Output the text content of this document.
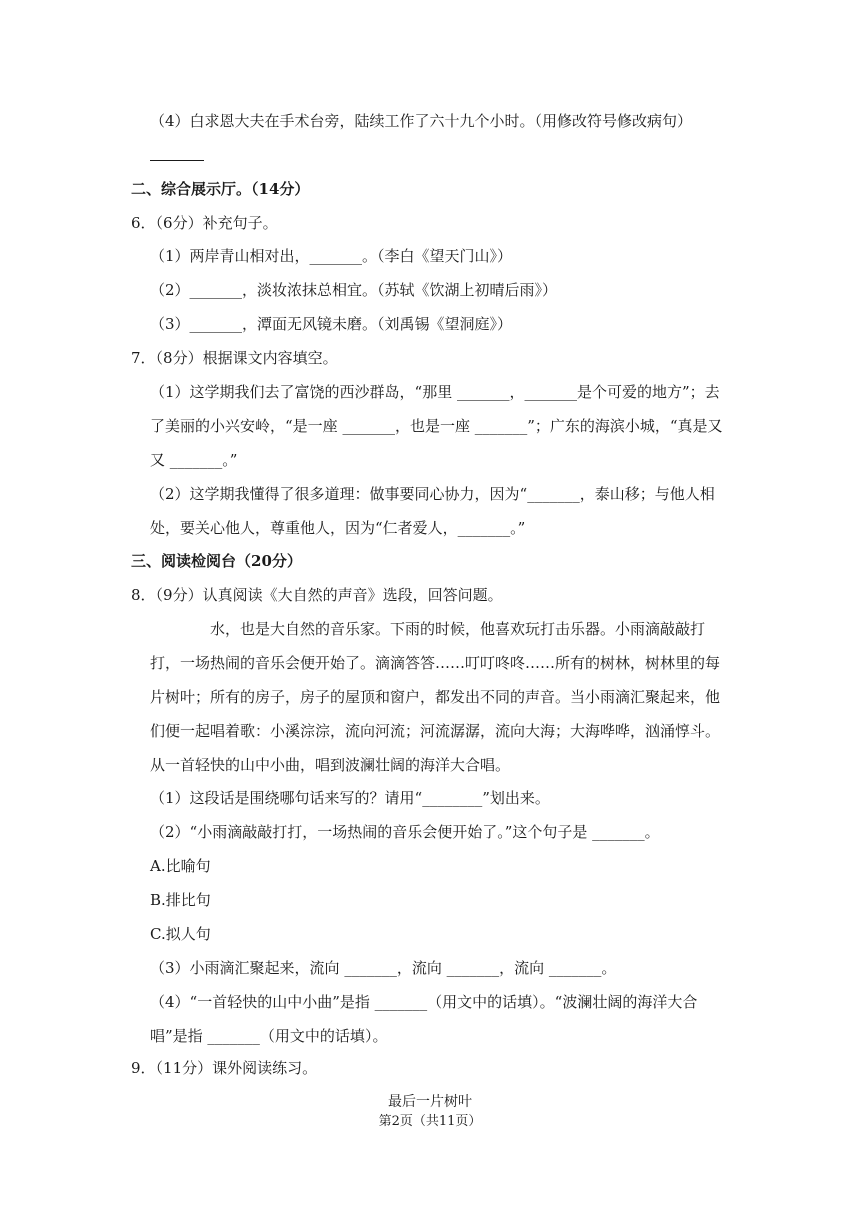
（4）白求恩大夫在手术台旁，陆续工作了六十九个小时。（用修改符号修改病句）
二、综合展示厅。（14分）
6．（6分）补充句子。
（1）两岸青山相对出，_______。（李白《望天门山》）
（2）_______，淡妆浓抹总相宜。（苏轼《饮湖上初晴后雨》）
（3）_______，潭面无风镜未磨。（刘禹锡《望洞庭》）
7．（8分）根据课文内容填空。
（1）这学期我们去了富饶的西沙群岛，“那里 _______，_______是个可爱的地方”；去了美丽的小兴安岭，“是一座 _______，也是一座 _______”；广东的海滨小城，“真是又又 _______。”
（2）这学期我懂得了很多道理：做事要同心协力，因为“_______，泰山移；与他人相处，要关心他人，尊重他人，因为“仁者爱人，_______。”
三、阅读检阅台（20分）
8．（9分）认真阅读《大自然的声音》选段，回答问题。
水，也是大自然的音乐家。下雨的时候，他喜欢玩打击乐器。小雨滴敲敲打打，一场热闹的音乐会便开始了。滴滴答答……叮叮咚咚……所有的树林，树林里的每片树叶；所有的房子，房子的屋顶和窗户，都发出不同的声音。当小雨滴汇聚起来，他们便一起唱着歌：小溪淙淙，流向河流；河流潺潺，流向大海；大海哗哗，汹涌惇斗。从一首轻快的山中小曲，唱到波澜壮阔的海洋大合唱。
（1）这段话是围绕哪句话来写的？请用“________”划出来。
（2）“小雨滴敲敲打打，一场热闹的音乐会便开始了。”这个句子是 _______。
A.比喻句
B.排比句
C.拟人句
（3）小雨滴汇聚起来，流向 _______，流向 _______，流向 _______。
（4）“一首轻快的山中小曲”是指 _______（用文中的话填）。“波澜壮阔的海洋大合唱”是指 _______（用文中的话填）。
9．（11分）课外阅读练习。
最后一片树叶
第2页（共11页）
